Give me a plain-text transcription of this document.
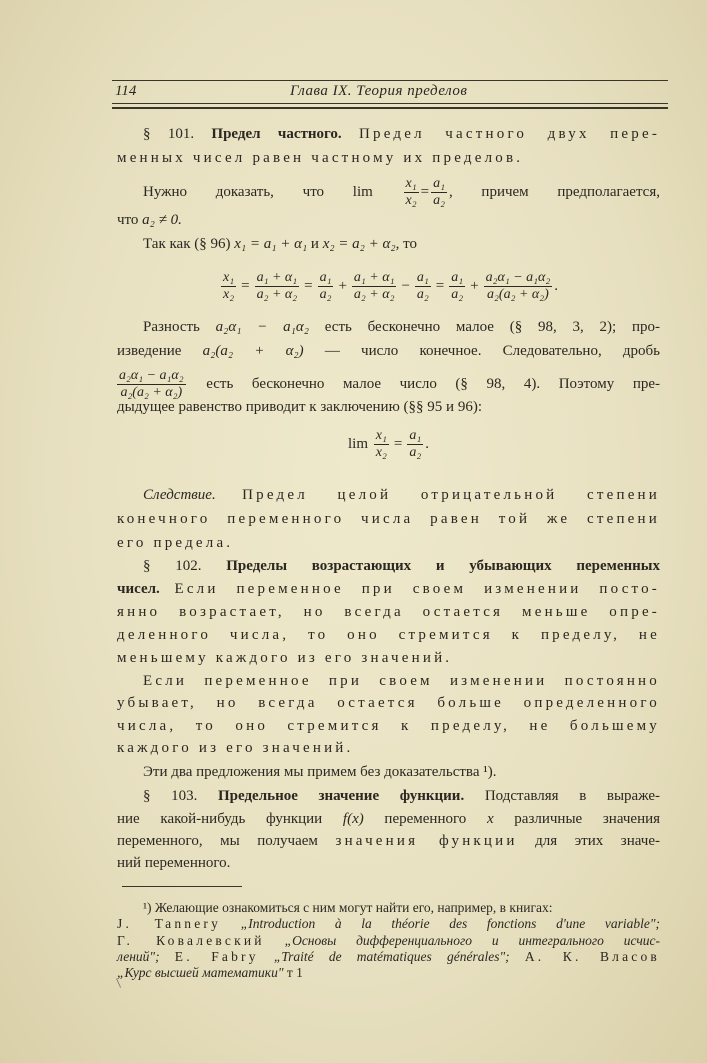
114	Глава IX. Теория пределов
§ 101. Предел частного. Предел частного двух пере-
менных чисел равен частному их пределов.
Нужно доказать, что $\lim \frac{\text{x₁}}{\text{x₂}} = \frac{\text{a₁}}{\text{a₂}}$ , причем предполагается,
что a₂ ≠ 0.
Так как (§ 96) x₁ = a₁ + α₁ и x₂ = a₂ + α₂, то
$\frac{\text{x₁}}{\text{x₂}} = \frac{\text{a₁ + α₁}}{\text{a₂ + α₂}} = \frac{\text{a₁}}{\text{a₂}} + \frac{\text{a₁ + α₁}}{\text{a₂ + α₂}} - \frac{\text{a₁}}{\text{a₂}} = \frac{\text{a₁}}{\text{a₂}} + \frac{\text{a₂α₁ − a₁α₂}}{\text{a₂(a₂ + α₂)}}$ .
Разность a₂α₁ − a₁α₂ есть бесконечно малое (§ 98, 3, 2); про-
изведение a₂(a₂ + α₂) — число конечное. Следовательно, дробь
$\frac{\text{a₂α₁ − a₁α₂}}{\text{a₂(a₂ + α₂)}}$ есть бесконечно малое число (§ 98, 4). Поэтому пре-
дыдущее равенство приводит к заключению (§§ 95 и 96):
$\lim \frac{\text{x₁}}{\text{x₂}} = \frac{\text{a₁}}{\text{a₂}}$ .
Следствие. Предел целой отрицательной степени
конечного переменного числа равен той же степени
его предела.
§ 102. Пределы возрастающих и убывающих переменных
чисел. Если переменное при своем изменении посто-
янно возрастает, но всегда остается меньше опре-
деленного числа, то оно стремится к пределу, не
меньшему каждого из его значений.
Если переменное при своем изменении постоянно
убывает, но всегда остается больше определенного
числа, то оно стремится к пределу, не большему
каждого из его значений.
Эти два предложения мы примем без доказательства ¹).
§ 103. Предельное значение функции. Подставляя в выраже-
ние какой-нибудь функции f(x) переменного x различные значения
переменного, мы получаем значения функции для этих значе-
ний переменного.
¹) Желающие ознакомиться с ним могут найти его, например, в книгах:
J. Tannery „Introduction à la théorie des fonctions d'une variable";
Г. Ковалевский „Основы дифференциального и интегрального исчис-
лений"; E. Fabry „Traité de matématiques générales"; А. К. Власов
„Курс высшей математики" т 1
